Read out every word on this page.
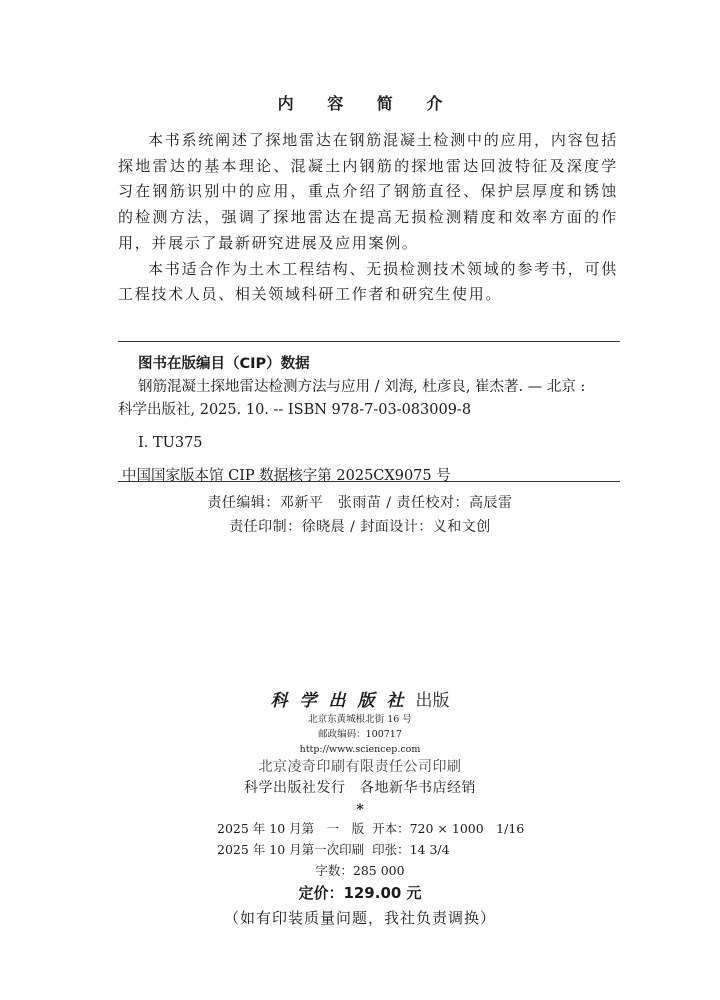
内 容 简 介

本书系统阐述了探地雷达在钢筋混凝土检测中的应用，内容包括探地雷达的基本理论、混凝土内钢筋的探地雷达回波特征及深度学习在钢筋识别中的应用，重点介绍了钢筋直径、保护层厚度和锈蚀的检测方法，强调了探地雷达在提高无损检测精度和效率方面的作用，并展示了最新研究进展及应用案例。

本书适合作为土木工程结构、无损检测技术领域的参考书，可供工程技术人员、相关领域科研工作者和研究生使用。

图书在版编目（CIP）数据
钢筋混凝土探地雷达检测方法与应用 / 刘海, 杜彦良, 崔杰著. — 北京 :
科学出版社, 2025. 10. -- ISBN 978-7-03-083009-8
Ⅰ. TU375
中国国家版本馆 CIP 数据核字第 2025CX9075 号
责任编辑：邓新平　张雨苗 / 责任校对：高辰雷
责任印制：徐晓晨 / 封面设计：义和文创
科学出版社出版
北京东黄城根北街 16 号
邮政编码：100717
http://www.sciencep.com
北京凌奇印刷有限责任公司印刷
科学出版社发行　各地新华书店经销
*
2025 年 10 月第　一　版  开本：720 × 1000　1/16
2025 年 10 月第一次印刷  印张：14 3/4
字数：285 000
定价：129.00 元
（如有印装质量问题，我社负责调换）
